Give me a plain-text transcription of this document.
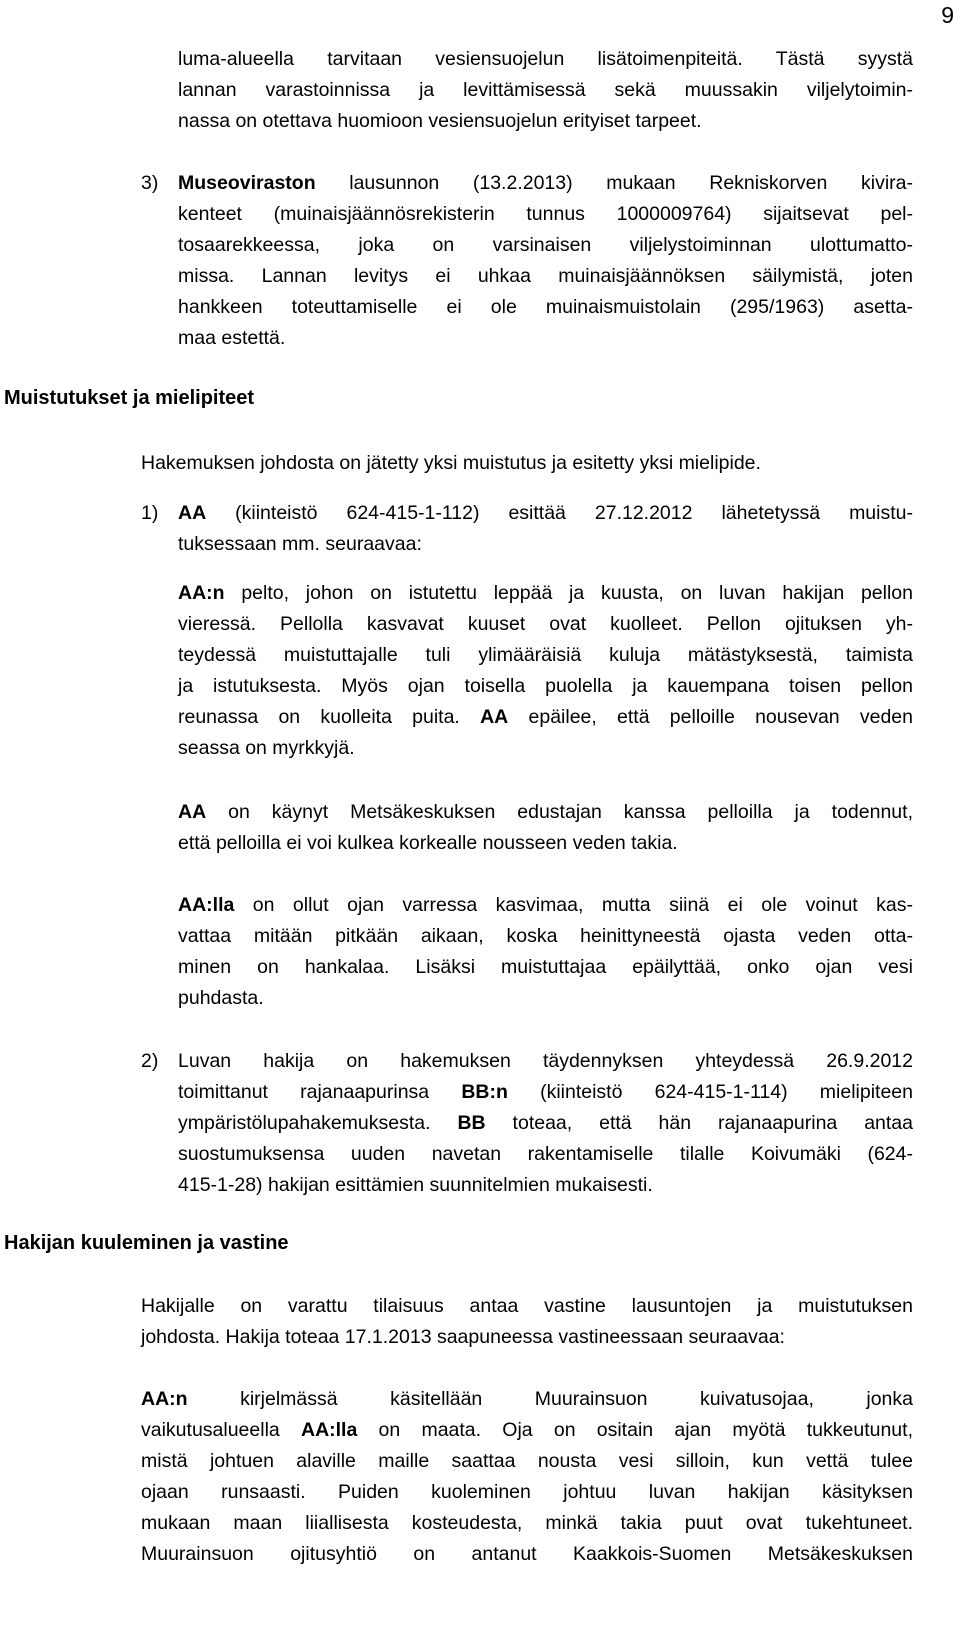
9
luma-alueella tarvitaan vesiensuojelun lisätoimenpiteitä. Tästä syystä
lannan varastoinnissa ja levittämisessä sekä muussakin viljelytoimin-
nassa on otettava huomioon vesiensuojelun erityiset tarpeet.
3) Museoviraston lausunnon (13.2.2013) mukaan Rekniskorven kivira-
kenteet (muinaisjäännösrekisterin tunnus 1000009764) sijaitsevat pel-
tosaarekkeessa, joka on varsinaisen viljelystoiminnan ulottumatto-
missa. Lannan levitys ei uhkaa muinaisjäännöksen säilymistä, joten
hankkeen toteuttamiselle ei ole muinaismuistolain (295/1963) asetta-
maa estettä.
Muistutukset ja mielipiteet
Hakemuksen johdosta on jätetty yksi muistutus ja esitetty yksi mielipide.
1) AA (kiinteistö 624-415-1-112) esittää 27.12.2012 lähetetyssä muistu-
tuksessaan mm. seuraavaa:
AA:n pelto, johon on istutettu leppää ja kuusta, on luvan hakijan pellon
vieressä. Pellolla kasvavat kuuset ovat kuolleet. Pellon ojituksen yh-
teydessä muistuttajalle tuli ylimääräisiä kuluja mätästyksestä, taimista
ja istutuksesta. Myös ojan toisella puolella ja kauempana toisen pellon
reunassa on kuolleita puita. AA epäilee, että pelloille nousevan veden
seassa on myrkkyjä.
AA on käynyt Metsäkeskuksen edustajan kanssa pelloilla ja todennut,
että pelloilla ei voi kulkea korkealle nousseen veden takia.
AA:lla on ollut ojan varressa kasvimaa, mutta siinä ei ole voinut kas-
vattaa mitään pitkään aikaan, koska heinittyneestä ojasta veden otta-
minen on hankalaa. Lisäksi muistuttajaa epäilyttää, onko ojan vesi
puhdasta.
2) Luvan hakija on hakemuksen täydennyksen yhteydessä 26.9.2012
toimittanut rajanaapurinsa BB:n (kiinteistö 624-415-1-114) mielipiteen
ympäristölupahakemuksesta. BB toteaa, että hän rajanaapurina antaa
suostumuksensa uuden navetan rakentamiselle tilalle Koivumäki (624-
415-1-28) hakijan esittämien suunnitelmien mukaisesti.
Hakijan kuuleminen ja vastine
Hakijalle on varattu tilaisuus antaa vastine lausuntojen ja muistutuksen
johdosta. Hakija toteaa 17.1.2013 saapuneessa vastineessaan seuraavaa:
AA:n kirjelmässä käsitellään Muurainsuon kuivatusojaa, jonka
vaikutusalueella AA:lla on maata. Oja on ositain ajan myötä tukkeutunut,
mistä johtuen alaville maille saattaa nousta vesi silloin, kun vettä tulee
ojaan runsaasti. Puiden kuoleminen johtuu luvan hakijan käsityksen
mukaan maan liiallisesta kosteudesta, minkä takia puut ovat tukehtuneet.
Muurainsuon ojitusyhtiö on antanut Kaakkois-Suomen Metsäkeskuksen
